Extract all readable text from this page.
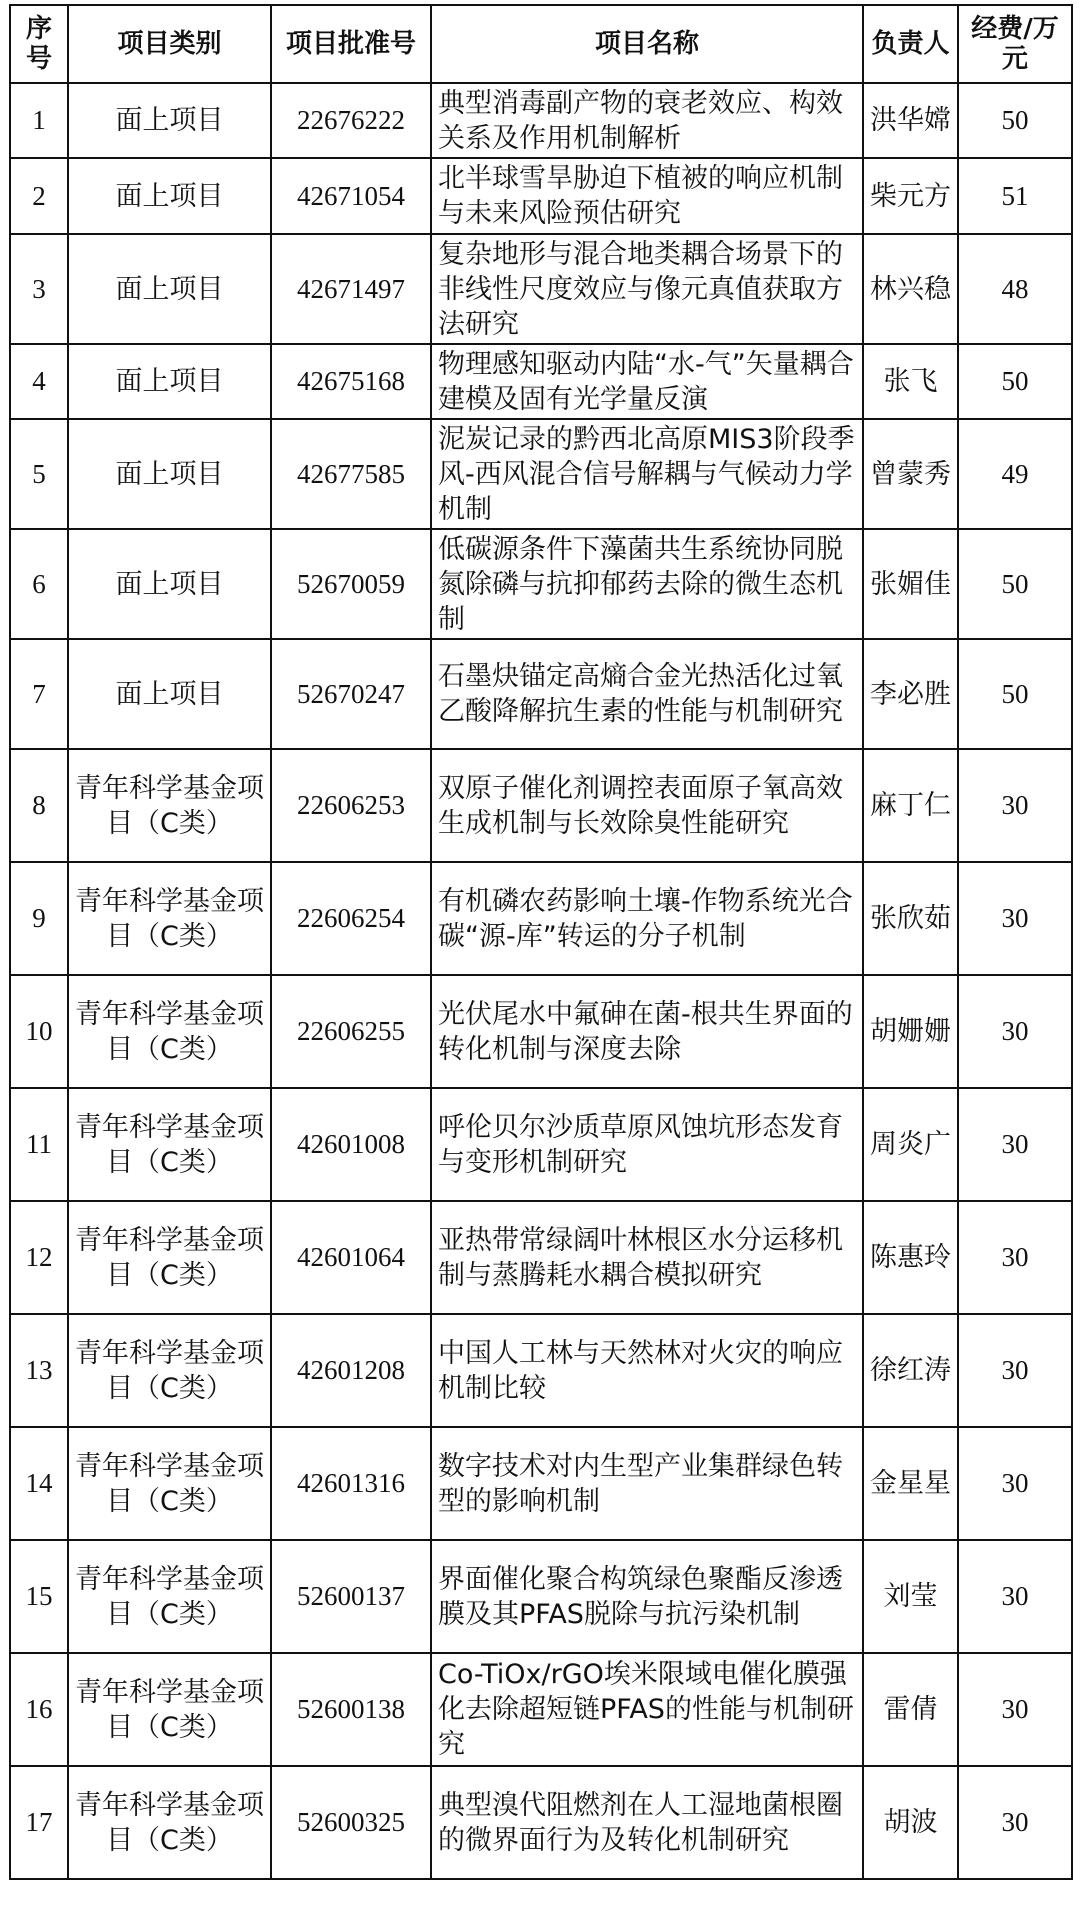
序号	项目类别	项目批准号	项目名称	负责人	经费/万元
1	面上项目	22676222	典型消毒副产物的衰老效应、构效关系及作用机制解析	洪华嫦	50
2	面上项目	42671054	北半球雪旱胁迫下植被的响应机制与未来风险预估研究	柴元方	51
3	面上项目	42671497	复杂地形与混合地类耦合场景下的非线性尺度效应与像元真值获取方法研究	林兴稳	48
4	面上项目	42675168	物理感知驱动内陆“水-气”矢量耦合建模及固有光学量反演	张飞	50
5	面上项目	42677585	泥炭记录的黔西北高原MIS3阶段季风-西风混合信号解耦与气候动力学机制	曾蒙秀	49
6	面上项目	52670059	低碳源条件下藻菌共生系统协同脱氮除磷与抗抑郁药去除的微生态机制	张媚佳	50
7	面上项目	52670247	石墨炔锚定高熵合金光热活化过氧乙酸降解抗生素的性能与机制研究	李必胜	50
8	青年科学基金项目（C类）	22606253	双原子催化剂调控表面原子氧高效生成机制与长效除臭性能研究	麻丁仁	30
9	青年科学基金项目（C类）	22606254	有机磷农药影响土壤-作物系统光合碳“源-库”转运的分子机制	张欣茹	30
10	青年科学基金项目（C类）	22606255	光伏尾水中氟砷在菌-根共生界面的转化机制与深度去除	胡姗姗	30
11	青年科学基金项目（C类）	42601008	呼伦贝尔沙质草原风蚀坑形态发育与变形机制研究	周炎广	30
12	青年科学基金项目（C类）	42601064	亚热带常绿阔叶林根区水分运移机制与蒸腾耗水耦合模拟研究	陈惠玲	30
13	青年科学基金项目（C类）	42601208	中国人工林与天然林对火灾的响应机制比较	徐红涛	30
14	青年科学基金项目（C类）	42601316	数字技术对内生型产业集群绿色转型的影响机制	金星星	30
15	青年科学基金项目（C类）	52600137	界面催化聚合构筑绿色聚酯反渗透膜及其PFAS脱除与抗污染机制	刘莹	30
16	青年科学基金项目（C类）	52600138	Co-TiOx/rGO埃米限域电催化膜强化去除超短链PFAS的性能与机制研究	雷倩	30
17	青年科学基金项目（C类）	52600325	典型溴代阻燃剂在人工湿地菌根圈的微界面行为及转化机制研究	胡波	30
